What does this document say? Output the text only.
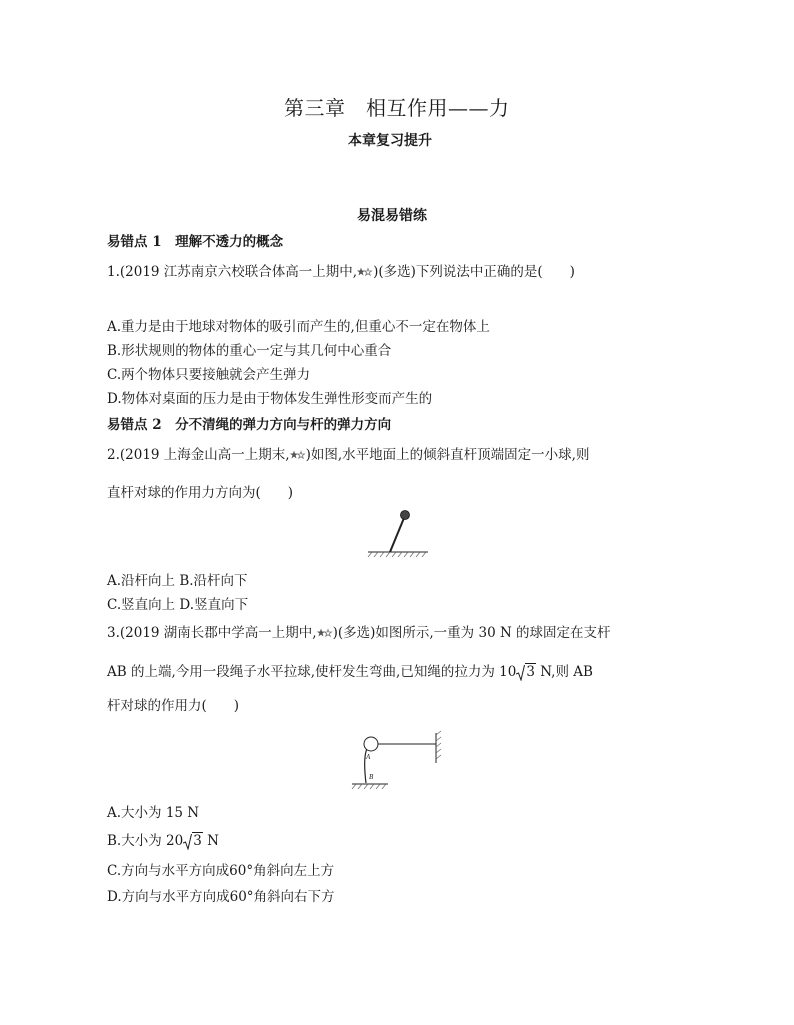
第三章　相互作用——力
本章复习提升
易混易错练
易错点 1　理解不透力的概念
1.(2019 江苏南京六校联合体高一上期中, )(多选)下列说法中正确的是(　　)
A.重力是由于地球对物体的吸引而产生的,但重心不一定在物体上
B.形状规则的物体的重心一定与其几何中心重合
C.两个物体只要接触就会产生弹力
D.物体对桌面的压力是由于物体发生弹性形变而产生的
易错点 2　分不清绳的弹力方向与杆的弹力方向
2.(2019 上海金山高一上期末, )如图,水平地面上的倾斜直杆顶端固定一小球,则
直杆对球的作用力方向为(　　)
A.沿杆向上 B.沿杆向下
C.竖直向上 D.竖直向下
3.(2019 湖南长郡中学高一上期中, )(多选)如图所示,一重为 30 N 的球固定在支杆
AB 的上端,今用一段绳子水平拉球,使杆发生弯曲,已知绳的拉力为 10 3 N,则 AB
杆对球的作用力(　　)
A
B
A.大小为 15 N
B.大小为 20 3 N
C.方向与水平方向成60°角斜向左上方
D.方向与水平方向成60°角斜向右下方
